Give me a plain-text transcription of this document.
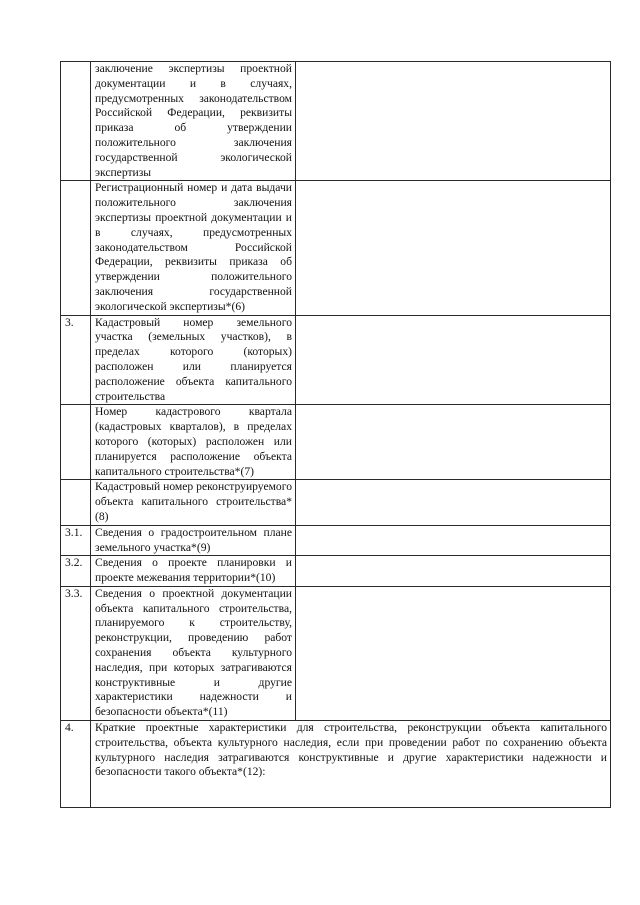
	заключение экспертизы проектной документации и в случаях, предусмотренных законодательством Российской Федерации, реквизиты приказа об утверждении положительного заключения государственной экологической экспертизы	

	Регистрационный номер и дата выдачи положительного заключения экспертизы проектной документации и в случаях, предусмотренных законодательством Российской Федерации, реквизиты приказа об утверждении положительного заключения государственной экологической экспертизы*(6)	

3.	Кадастровый номер земельного участка (земельных участков), в пределах которого (которых) расположен или планируется расположение объекта капитального строительства	

	Номер кадастрового квартала (кадастровых кварталов), в пределах которого (которых) расположен или планируется расположение объекта капитального строительства*(7)	

	Кадастровый номер реконструируемого объекта капитального строительства*(8)	

3.1.	Сведения о градостроительном плане земельного участка*(9)	

3.2.	Сведения о проекте планировки и проекте межевания территории*(10)	

3.3.	Сведения о проектной документации объекта капитального строительства, планируемого к строительству, реконструкции, проведению работ сохранения объекта культурного наследия, при которых затрагиваются конструктивные и другие характеристики надежности и безопасности объекта*(11)	

4.	Краткие проектные характеристики для строительства, реконструкции объекта капитального строительства, объекта культурного наследия, если при проведении работ по сохранению объекта культурного наследия затрагиваются конструктивные и другие характеристики надежности и безопасности такого объекта*(12):	
